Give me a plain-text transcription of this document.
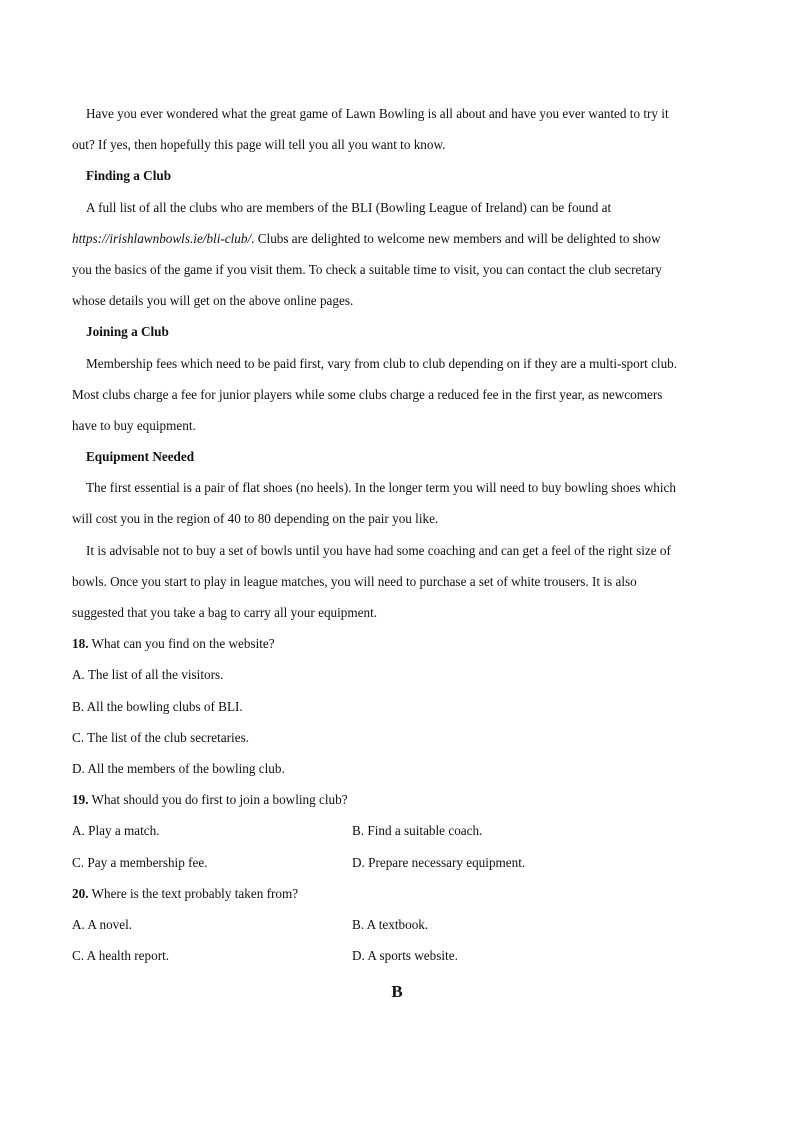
Have you ever wondered what the great game of Lawn Bowling is all about and have you ever wanted to try it
out? If yes, then hopefully this page will tell you all you want to know.
Finding a Club
A full list of all the clubs who are members of the BLI (Bowling League of Ireland) can be found at
https://irishlawnbowls.ie/bli-club/. Clubs are delighted to welcome new members and will be delighted to show
you the basics of the game if you visit them. To check a suitable time to visit, you can contact the club secretary
whose details you will get on the above online pages.
Joining a Club
Membership fees which need to be paid first, vary from club to club depending on if they are a multi-sport club.
Most clubs charge a fee for junior players while some clubs charge a reduced fee in the first year, as newcomers
have to buy equipment.
Equipment Needed
The first essential is a pair of flat shoes (no heels). In the longer term you will need to buy bowling shoes which
will cost you in the region of 40 to 80 depending on the pair you like.
It is advisable not to buy a set of bowls until you have had some coaching and can get a feel of the right size of
bowls. Once you start to play in league matches, you will need to purchase a set of white trousers. It is also
suggested that you take a bag to carry all your equipment.
18. What can you find on the website?
A. The list of all the visitors.
B. All the bowling clubs of BLI.
C. The list of the club secretaries.
D. All the members of the bowling club.
19. What should you do first to join a bowling club?
A. Play a match.	B. Find a suitable coach.
C. Pay a membership fee.	D. Prepare necessary equipment.
20. Where is the text probably taken from?
A. A novel.	B. A textbook.
C. A health report.	D. A sports website.
B
